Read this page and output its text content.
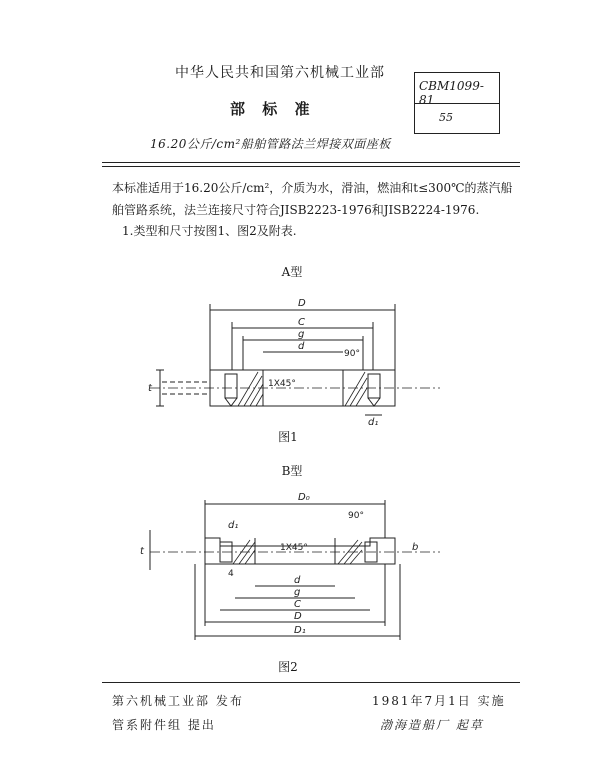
中华人民共和国第六机械工业部
部 标 准
16.20公斤/cm²船舶管路法兰焊接双面座板
CBM1099-81
55
本标准适用于16.20公斤/cm²，介质为水，滑油，燃油和t≤300℃的蒸汽船舶管路系统，法兰连接尺寸符合JISB2223-1976和JISB2224-1976.
1.类型和尺寸按图1、图2及附表.
A型
D
C
g
d
90°
1X45°
d₁
t
图1
B型
D₀
d₁
90°
1X45°	b
4
d
g
C
D
D₁
t
图2
第六机械工业部 发布
管系附件组 提出
1981年7月1日 实施
渤海造船厂 起草
